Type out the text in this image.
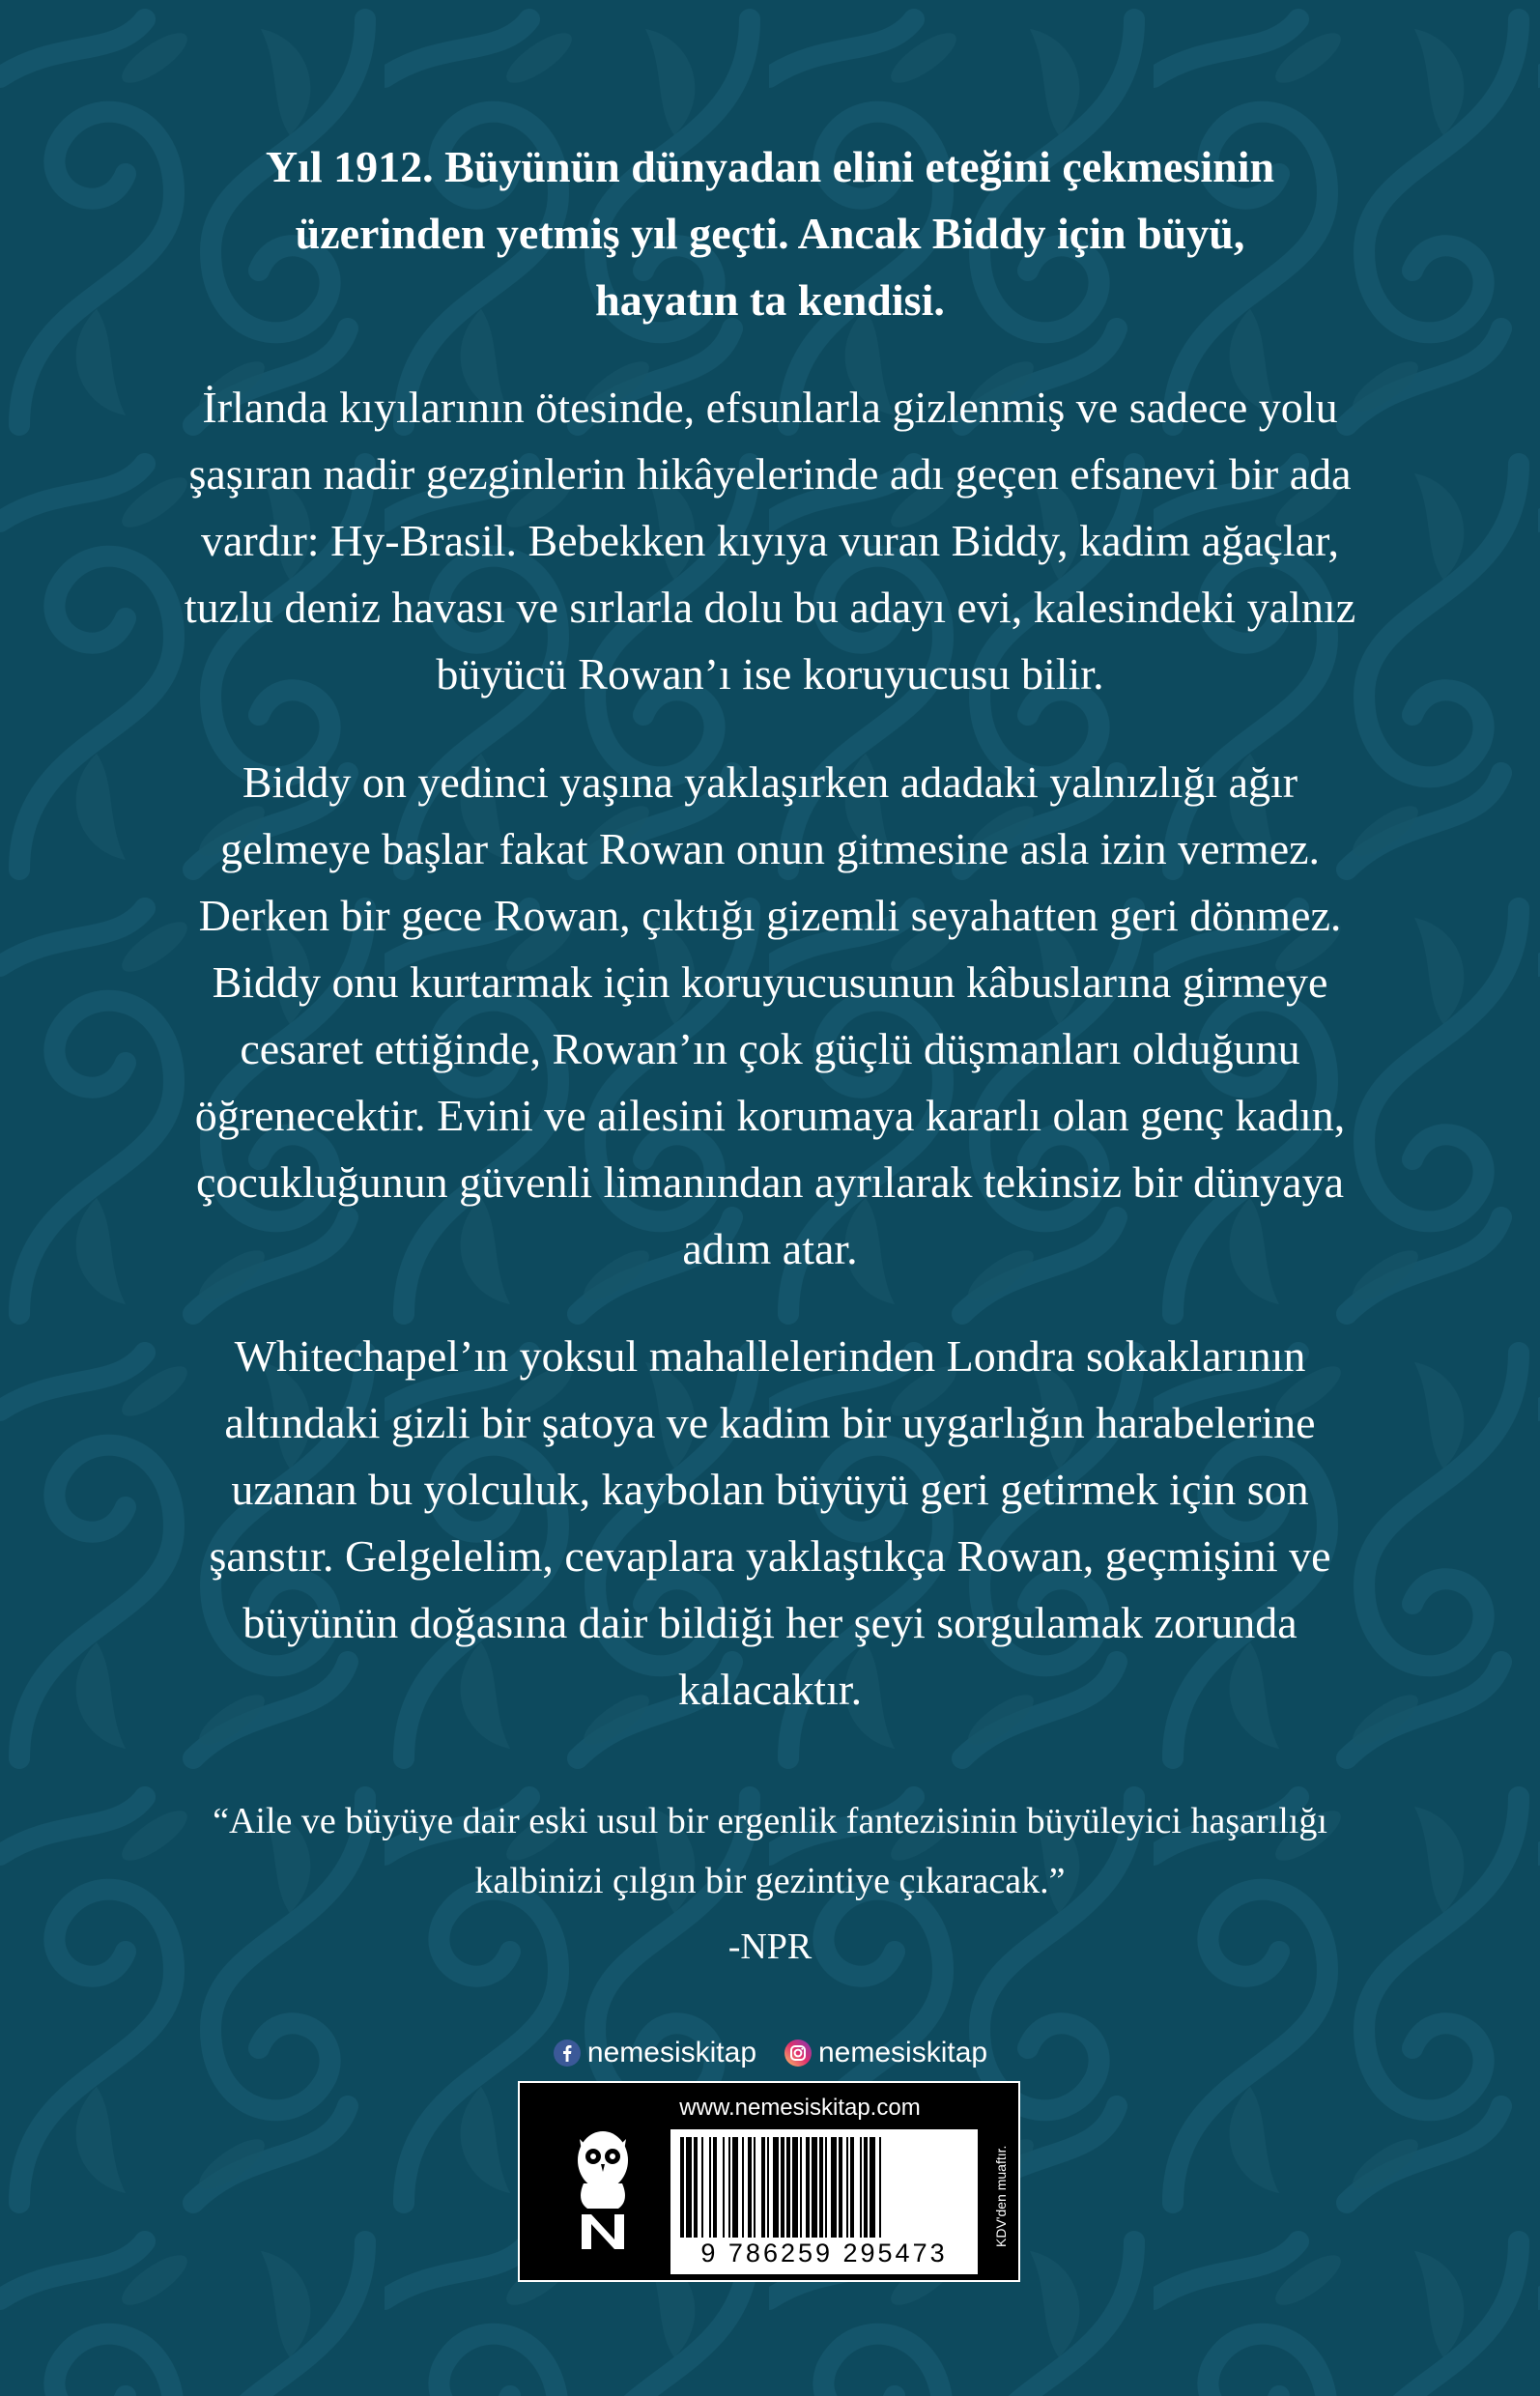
Yıl 1912. Büyünün dünyadan elini eteğini çekmesinin
üzerinden yetmiş yıl geçti. Ancak Biddy için büyü,
hayatın ta kendisi.
İrlanda kıyılarının ötesinde, efsunlarla gizlenmiş ve sadece yolu
şaşıran nadir gezginlerin hikâyelerinde adı geçen efsanevi bir ada
vardır: Hy-Brasil. Bebekken kıyıya vuran Biddy, kadim ağaçlar,
tuzlu deniz havası ve sırlarla dolu bu adayı evi, kalesindeki yalnız
büyücü Rowan’ı ise koruyucusu bilir.
Biddy on yedinci yaşına yaklaşırken adadaki yalnızlığı ağır
gelmeye başlar fakat Rowan onun gitmesine asla izin vermez.
Derken bir gece Rowan, çıktığı gizemli seyahatten geri dönmez.
Biddy onu kurtarmak için koruyucusunun kâbuslarına girmeye
cesaret ettiğinde, Rowan’ın çok güçlü düşmanları olduğunu
öğrenecektir. Evini ve ailesini korumaya kararlı olan genç kadın,
çocukluğunun güvenli limanından ayrılarak tekinsiz bir dünyaya
adım atar.
Whitechapel’ın yoksul mahallelerinden Londra sokaklarının
altındaki gizli bir şatoya ve kadim bir uygarlığın harabelerine
uzanan bu yolculuk, kaybolan büyüyü geri getirmek için son
şanstır. Gelgelelim, cevaplara yaklaştıkça Rowan, geçmişini ve
büyünün doğasına dair bildiği her şeyi sorgulamak zorunda
kalacaktır.
“Aile ve büyüye dair eski usul bir ergenlik fantezisinin büyüleyici haşarılığı
kalbinizi çılgın bir gezintiye çıkaracak.”
-NPR
nemesiskitap nemesiskitap
www.nemesiskitap.com
9 786259 295473
KDV'den muaftır.
